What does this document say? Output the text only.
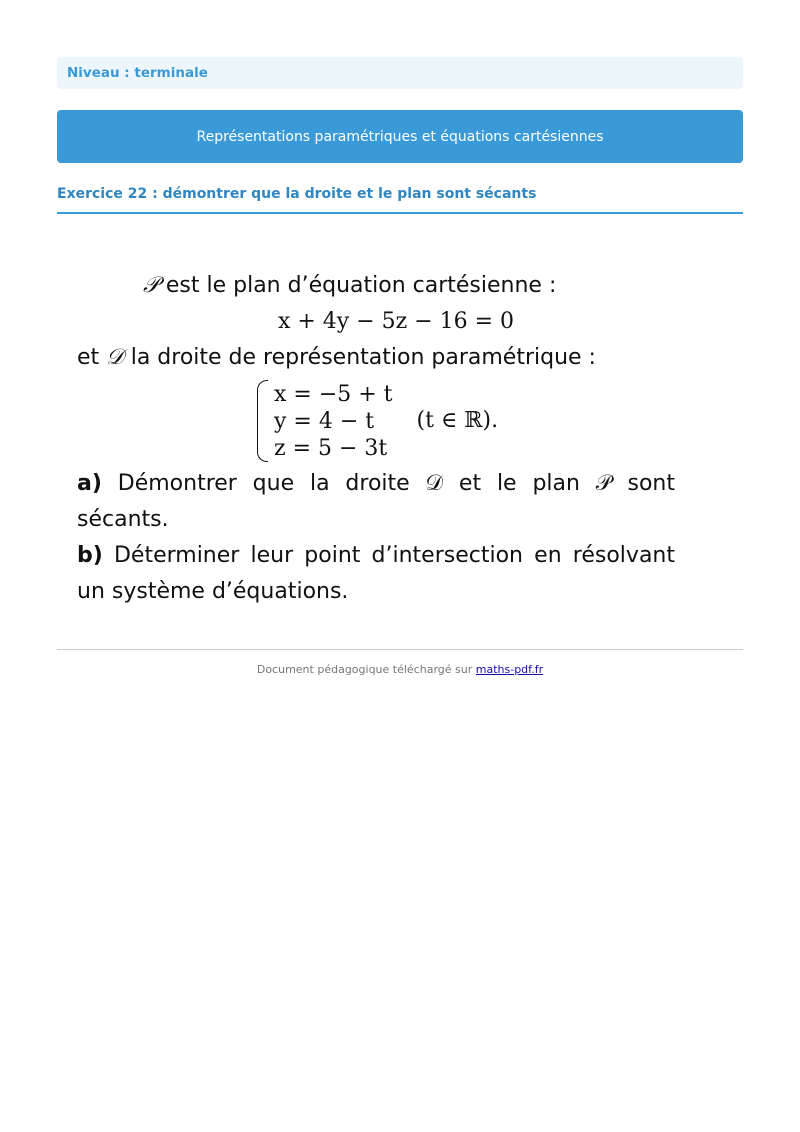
Niveau : terminale
Représentations paramétriques et équations cartésiennes
Exercice 22 : démontrer que la droite et le plan sont sécants
𝒫 est le plan d’équation cartésienne :
x + 4y − 5z − 16 = 0
et 𝒟 la droite de représentation paramétrique :
x = −5 + t
y = 4 − t
z = 5 − 3t
(t ∈ ℝ).
a) Démontrer que la droite 𝒟 et le plan 𝒫 sont sécants.
b) Déterminer leur point d’intersection en résolvant un système d’équations.
Document pédagogique téléchargé sur maths-pdf.fr
